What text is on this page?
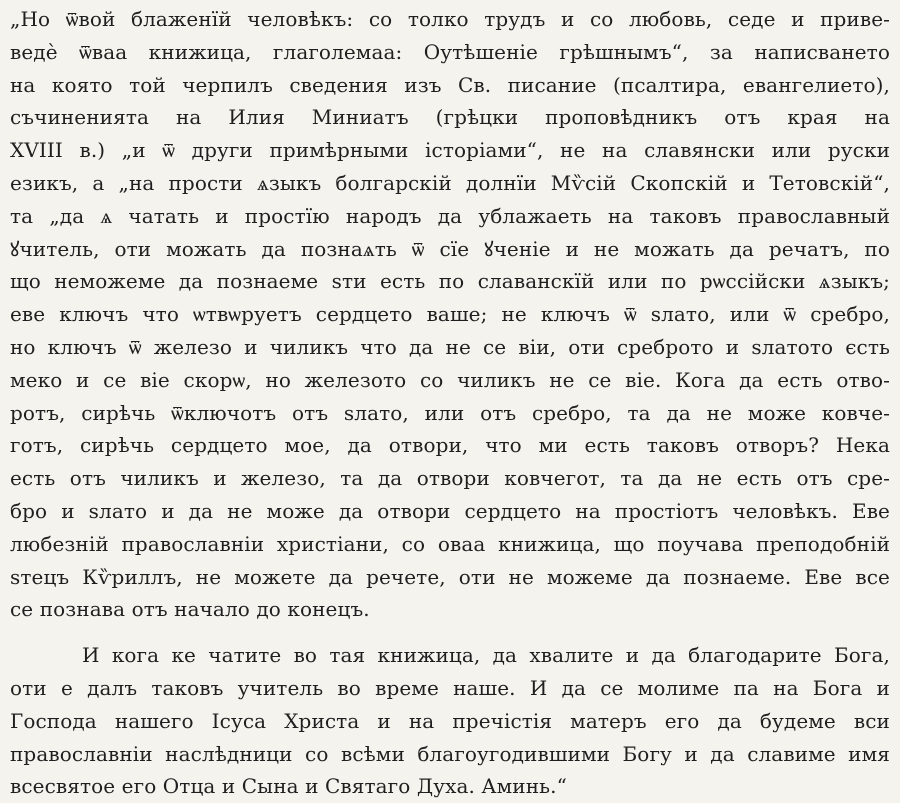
„Но ѿвой блаженїй человѣкъ: со толко трудъ и со любовь, седе и приве-
ведѐ ѿваа книжица, глаголемаа: Оутѣшеніе грѣшнымъ“, за написването
на която той черпилъ сведения изъ Св. писание (псалтира, евангелието),
съчиненията на Илия Миниатъ (грѣцки проповѣдникъ отъ края на
XVIII в.) „и ѿ други примѣрными історіами“, не на славянски или руски
езикъ, а „на прости ѧзыкъ болгарскій долнїи Мѷсій Скопскій и Тетовскій“,
та „да ѧ чатать и простїю народъ да ублажаеть на таковъ православный
ꙋчитель, оти можать да познаѧть ѿ сїе ꙋченіе и не можать да речатъ, по
що неможеме да познаеме ѕти есть по славанскїй или по рѡссійски ѧзыкъ;
еве ключъ что ѡтвѡруетъ сердцето ваше; не ключъ ѿ ѕлато, или ѿ сребро,
но ключъ ѿ железо и чиликъ что да не се віи, оти среброто и ѕлатото єсть
меко и се віе скорѡ, но железото со чиликъ не се віе. Кога да есть отво-
ротъ, сирѣчь ѿключотъ отъ ѕлато, или отъ сребро, та да не може ковче-
готъ, сирѣчь сердцето мое, да отвори, что ми есть таковъ отворъ? Нека
есть отъ чиликъ и железо, та да отвори ковчегот, та да не есть отъ сре-
бро и ѕлато и да не може да отвори сердцето на простіотъ человѣкъ. Еве
любезній православніи христіани, со оваа книжица, що поучава преподобній
ѕтецъ Кѷриллъ, не можете да речете, оти не можеме да познаеме. Еве все
се познава отъ начало до конецъ.
И кога ке чатите во тая книжица, да хвалите и да благодарите Бога,
оти е далъ таковъ учитель во времe наше. И да се молиме па на Бога и
Господа нашего Ісуса Христа и на пречістія матеръ его да будеме вси
православніи наслѣдници со всѣми благоугодившими Богу и да славиме имя
всесвятое его Отца и Сына и Святаго Духа. Аминь.“
